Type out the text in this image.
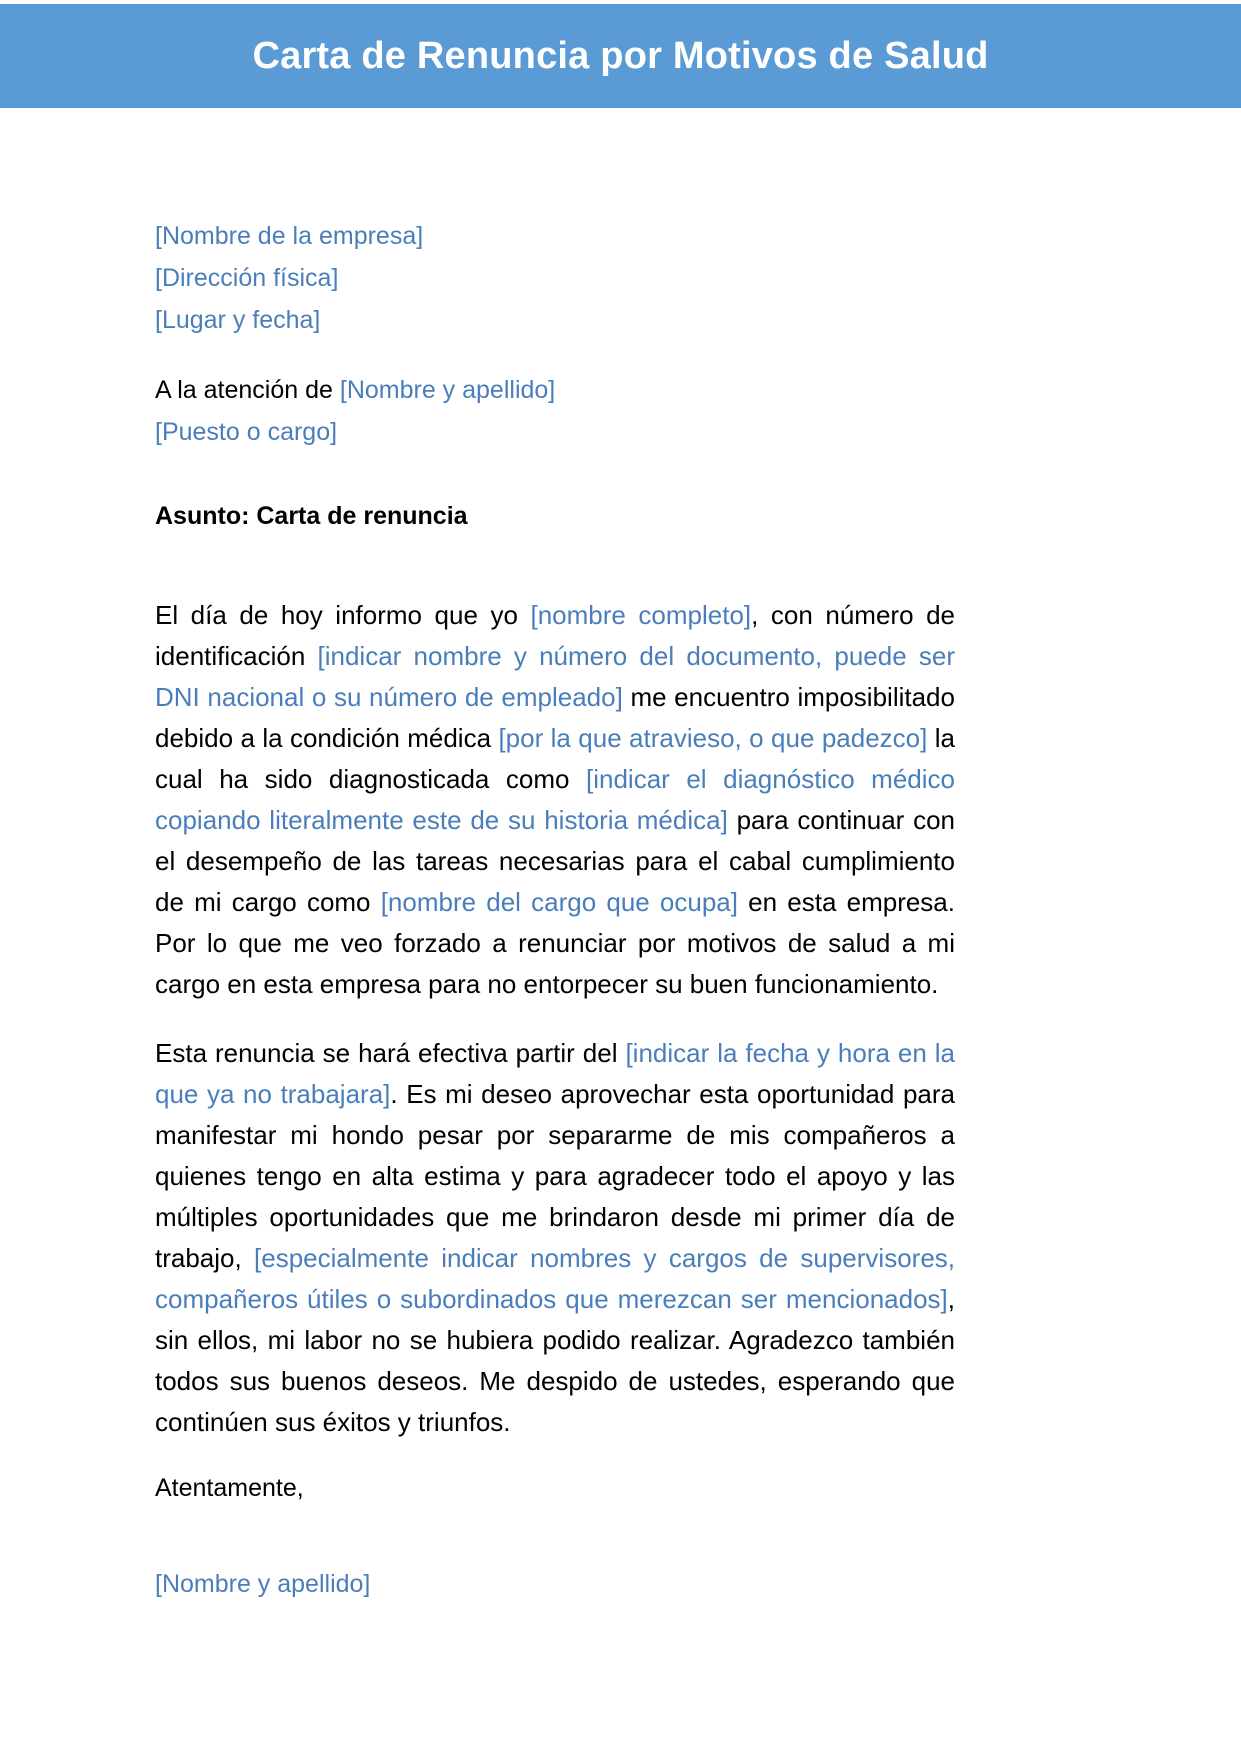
Carta de Renuncia por Motivos de Salud
[Nombre de la empresa]
[Dirección física]
[Lugar y fecha]
A la atención de [Nombre y apellido]
[Puesto o cargo]
Asunto: Carta de renuncia

El día de hoy informo que yo [nombre completo], con número de identificación [indicar nombre y número del documento, puede ser DNI nacional o su número de empleado] me encuentro imposibilitado debido a la condición médica [por la que atravieso, o que padezco] la cual ha sido diagnosticada como [indicar el diagnóstico médico copiando literalmente este de su historia médica] para continuar con el desempeño de las tareas necesarias para el cabal cumplimiento de mi cargo como [nombre del cargo que ocupa] en esta empresa. Por lo que me veo forzado a renunciar por motivos de salud a mi cargo en esta empresa para no entorpecer su buen funcionamiento.

Esta renuncia se hará efectiva partir del [indicar la fecha y hora en la que ya no trabajara]. Es mi deseo aprovechar esta oportunidad para manifestar mi hondo pesar por separarme de mis compañeros a quienes tengo en alta estima y para agradecer todo el apoyo y las múltiples oportunidades que me brindaron desde mi primer día de trabajo, [especialmente indicar nombres y cargos de supervisores, compañeros útiles o subordinados que merezcan ser mencionados], sin ellos, mi labor no se hubiera podido realizar. Agradezco también todos sus buenos deseos. Me despido de ustedes, esperando que continúen sus éxitos y triunfos.

Atentamente,
[Nombre y apellido]
